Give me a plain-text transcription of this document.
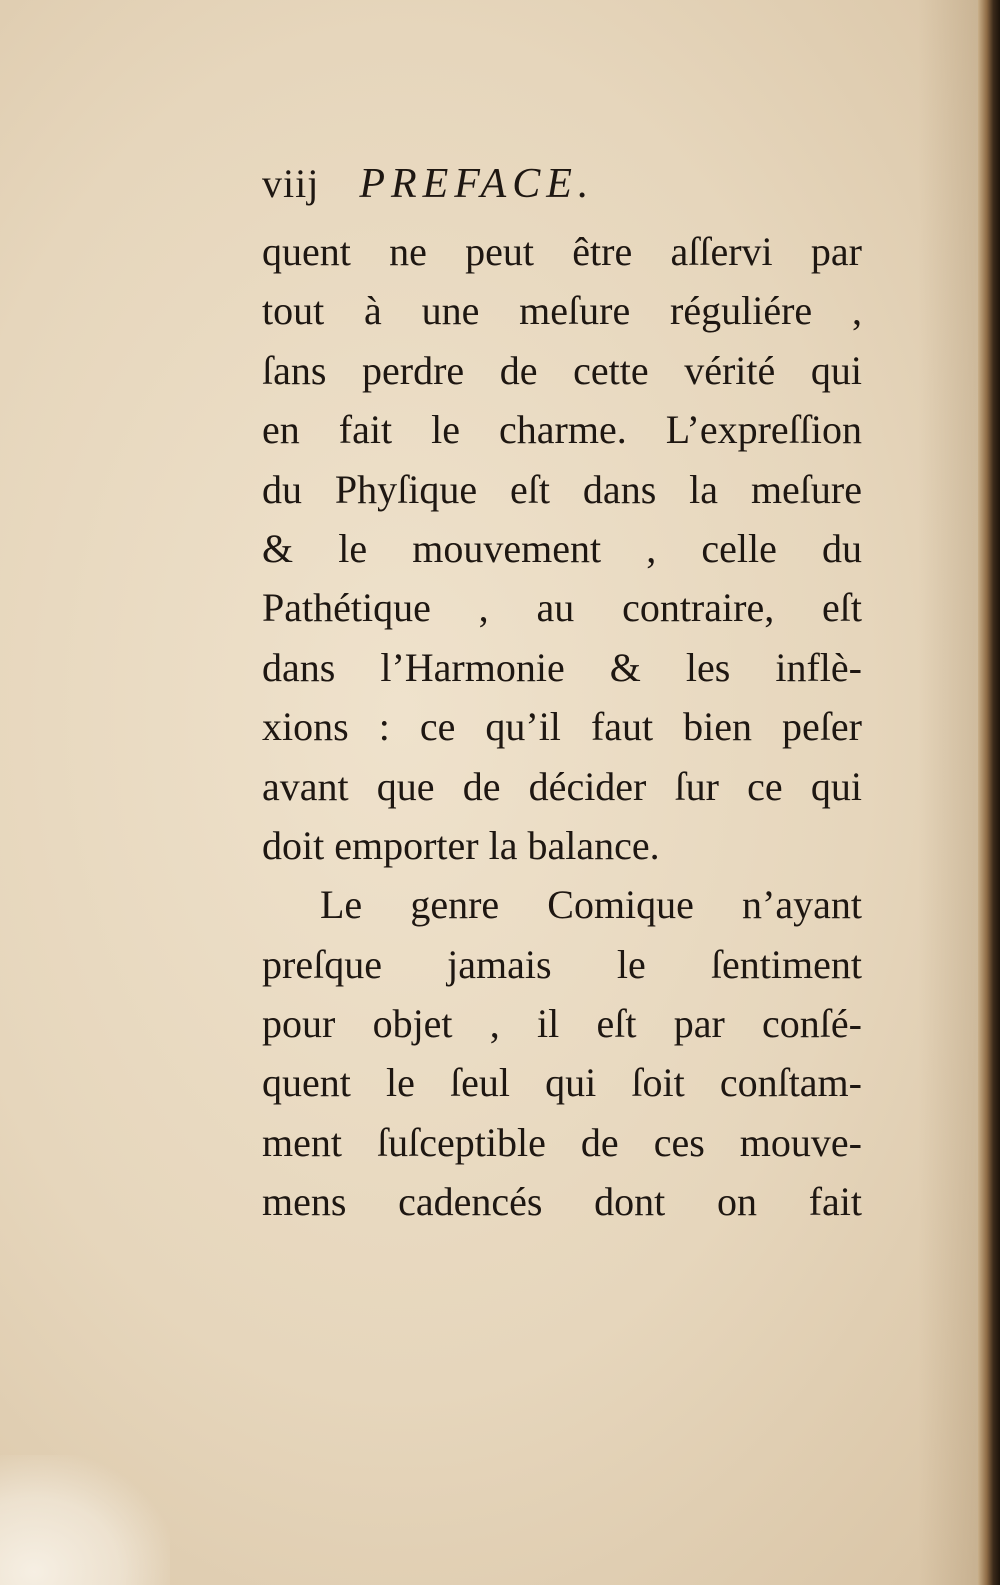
viij PREFACE.
quent ne peut être aſſervi par
tout à une meſure réguliére ,
ſans perdre de cette vérité qui
en fait le charme. L’expreſſion
du Phyſique eſt dans la meſure
& le mouvement , celle du
Pathétique , au contraire, eſt
dans l’Harmonie & les inflè-
xions : ce qu’il faut bien peſer
avant que de décider ſur ce qui
doit emporter la balance.
Le genre Comique n’ayant
preſque jamais le ſentiment
pour objet , il eſt par conſé-
quent le ſeul qui ſoit conſtam-
ment ſuſceptible de ces mouve-
mens cadencés dont on fait
